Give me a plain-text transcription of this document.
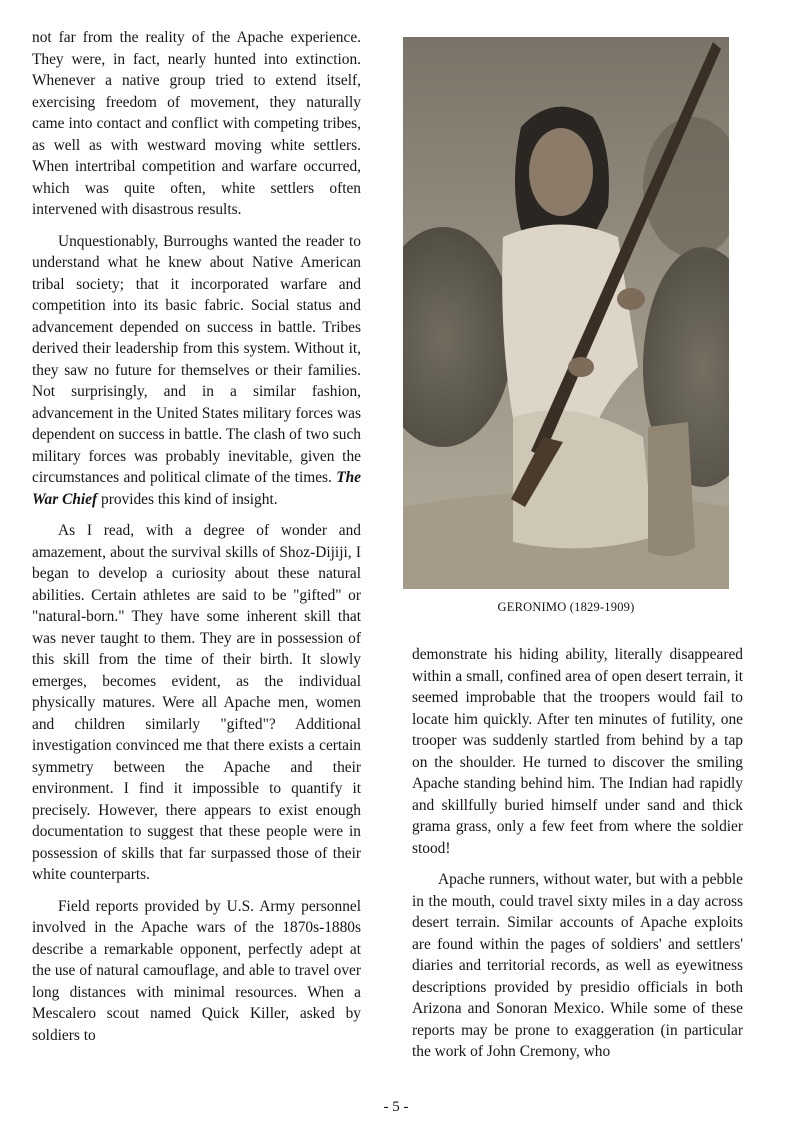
not far from the reality of the Apache experience. They were, in fact, nearly hunted into extinction. Whenever a native group tried to extend itself, exercising freedom of movement, they naturally came into contact and conflict with competing tribes, as well as with westward moving white settlers. When intertribal competition and warfare occurred, which was quite often, white settlers often intervened with disastrous results.

Unquestionably, Burroughs wanted the reader to understand what he knew about Native American tribal society; that it incorporated warfare and competition into its basic fabric. Social status and advancement depended on success in battle. Tribes derived their leadership from this system. Without it, they saw no future for themselves or their families. Not surprisingly, and in a similar fashion, advancement in the United States military forces was dependent on success in battle. The clash of two such military forces was probably inevitable, given the circumstances and political climate of the times. The War Chief provides this kind of insight.

As I read, with a degree of wonder and amazement, about the survival skills of Shoz-Dijiji, I began to develop a curiosity about these natural abilities. Certain athletes are said to be "gifted" or "natural-born." They have some inherent skill that was never taught to them. They are in possession of this skill from the time of their birth. It slowly emerges, becomes evident, as the individual physically matures. Were all Apache men, women and children similarly "gifted"? Additional investigation convinced me that there exists a certain symmetry between the Apache and their environment. I find it impossible to quantify it precisely. However, there appears to exist enough documentation to suggest that these people were in possession of skills that far surpassed those of their white counterparts.

Field reports provided by U.S. Army personnel involved in the Apache wars of the 1870s-1880s describe a remarkable opponent, perfectly adept at the use of natural camouflage, and able to travel over long distances with minimal resources. When a Mescalero scout named Quick Killer, asked by soldiers to

GERONIMO (1829-1909)

demonstrate his hiding ability, literally disappeared within a small, confined area of open desert terrain, it seemed improbable that the troopers would fail to locate him quickly. After ten minutes of futility, one trooper was suddenly startled from behind by a tap on the shoulder. He turned to discover the smiling Apache standing behind him. The Indian had rapidly and skillfully buried himself under sand and thick grama grass, only a few feet from where the soldier stood!

Apache runners, without water, but with a pebble in the mouth, could travel sixty miles in a day across desert terrain. Similar accounts of Apache exploits are found within the pages of soldiers' and settlers' diaries and territorial records, as well as eyewitness descriptions provided by presidio officials in both Arizona and Sonoran Mexico. While some of these reports may be prone to exaggeration (in particular the work of John Cremony, who

- 5 -
